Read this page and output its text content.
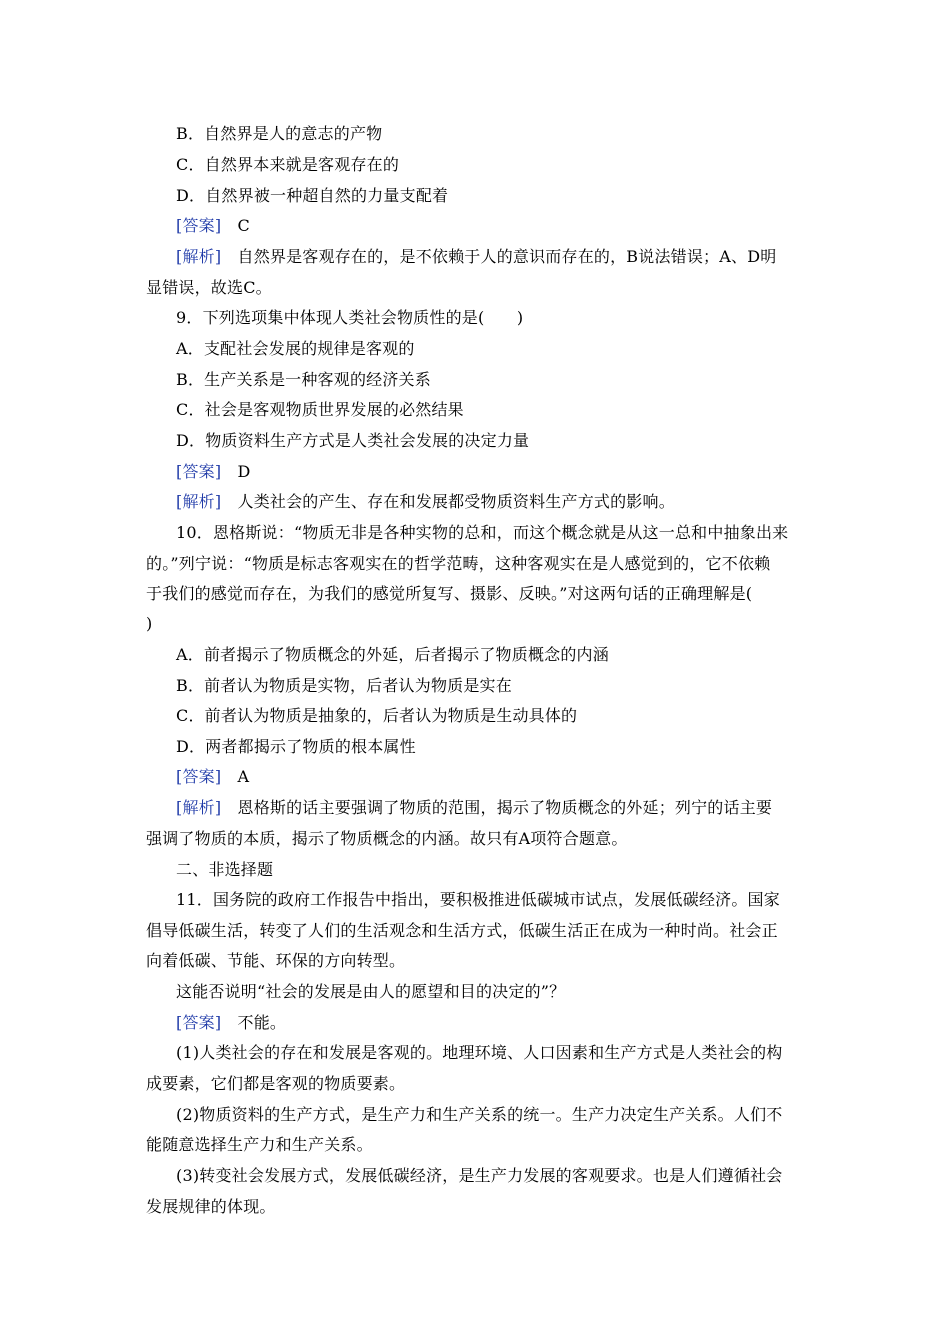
B．自然界是人的意志的产物
C．自然界本来就是客观存在的
D．自然界被一种超自然的力量支配着
[答案]　 C
[解析]　 自然界是客观存在的，是不依赖于人的意识而存在的，B说法错误；A、D明
显错误，故选C。
9．下列选项集中体现人类社会物质性的是(　　)
A．支配社会发展的规律是客观的
B．生产关系是一种客观的经济关系
C．社会是客观物质世界发展的必然结果
D．物质资料生产方式是人类社会发展的决定力量
[答案]　 D
[解析]　 人类社会的产生、存在和发展都受物质资料生产方式的影响。
10．恩格斯说：“物质无非是各种实物的总和，而这个概念就是从这一总和中抽象出来
的。”列宁说：“物质是标志客观实在的哲学范畴，这种客观实在是人感觉到的，它不依赖
于我们的感觉而存在，为我们的感觉所复写、摄影、反映。”对这两句话的正确理解是(
)
A．前者揭示了物质概念的外延，后者揭示了物质概念的内涵
B．前者认为物质是实物，后者认为物质是实在
C．前者认为物质是抽象的，后者认为物质是生动具体的
D．两者都揭示了物质的根本属性
[答案]　 A
[解析]　 恩格斯的话主要强调了物质的范围，揭示了物质概念的外延；列宁的话主要
强调了物质的本质，揭示了物质概念的内涵。故只有A项符合题意。
二、非选择题
11．国务院的政府工作报告中指出，要积极推进低碳城市试点，发展低碳经济。国家
倡导低碳生活，转变了人们的生活观念和生活方式，低碳生活正在成为一种时尚。社会正
向着低碳、节能、环保的方向转型。
这能否说明“社会的发展是由人的愿望和目的决定的”？
[答案]　 不能。
(1)人类社会的存在和发展是客观的。地理环境、人口因素和生产方式是人类社会的构
成要素，它们都是客观的物质要素。
(2)物质资料的生产方式，是生产力和生产关系的统一。生产力决定生产关系。人们不
能随意选择生产力和生产关系。
(3)转变社会发展方式，发展低碳经济，是生产力发展的客观要求。也是人们遵循社会
发展规律的体现。
